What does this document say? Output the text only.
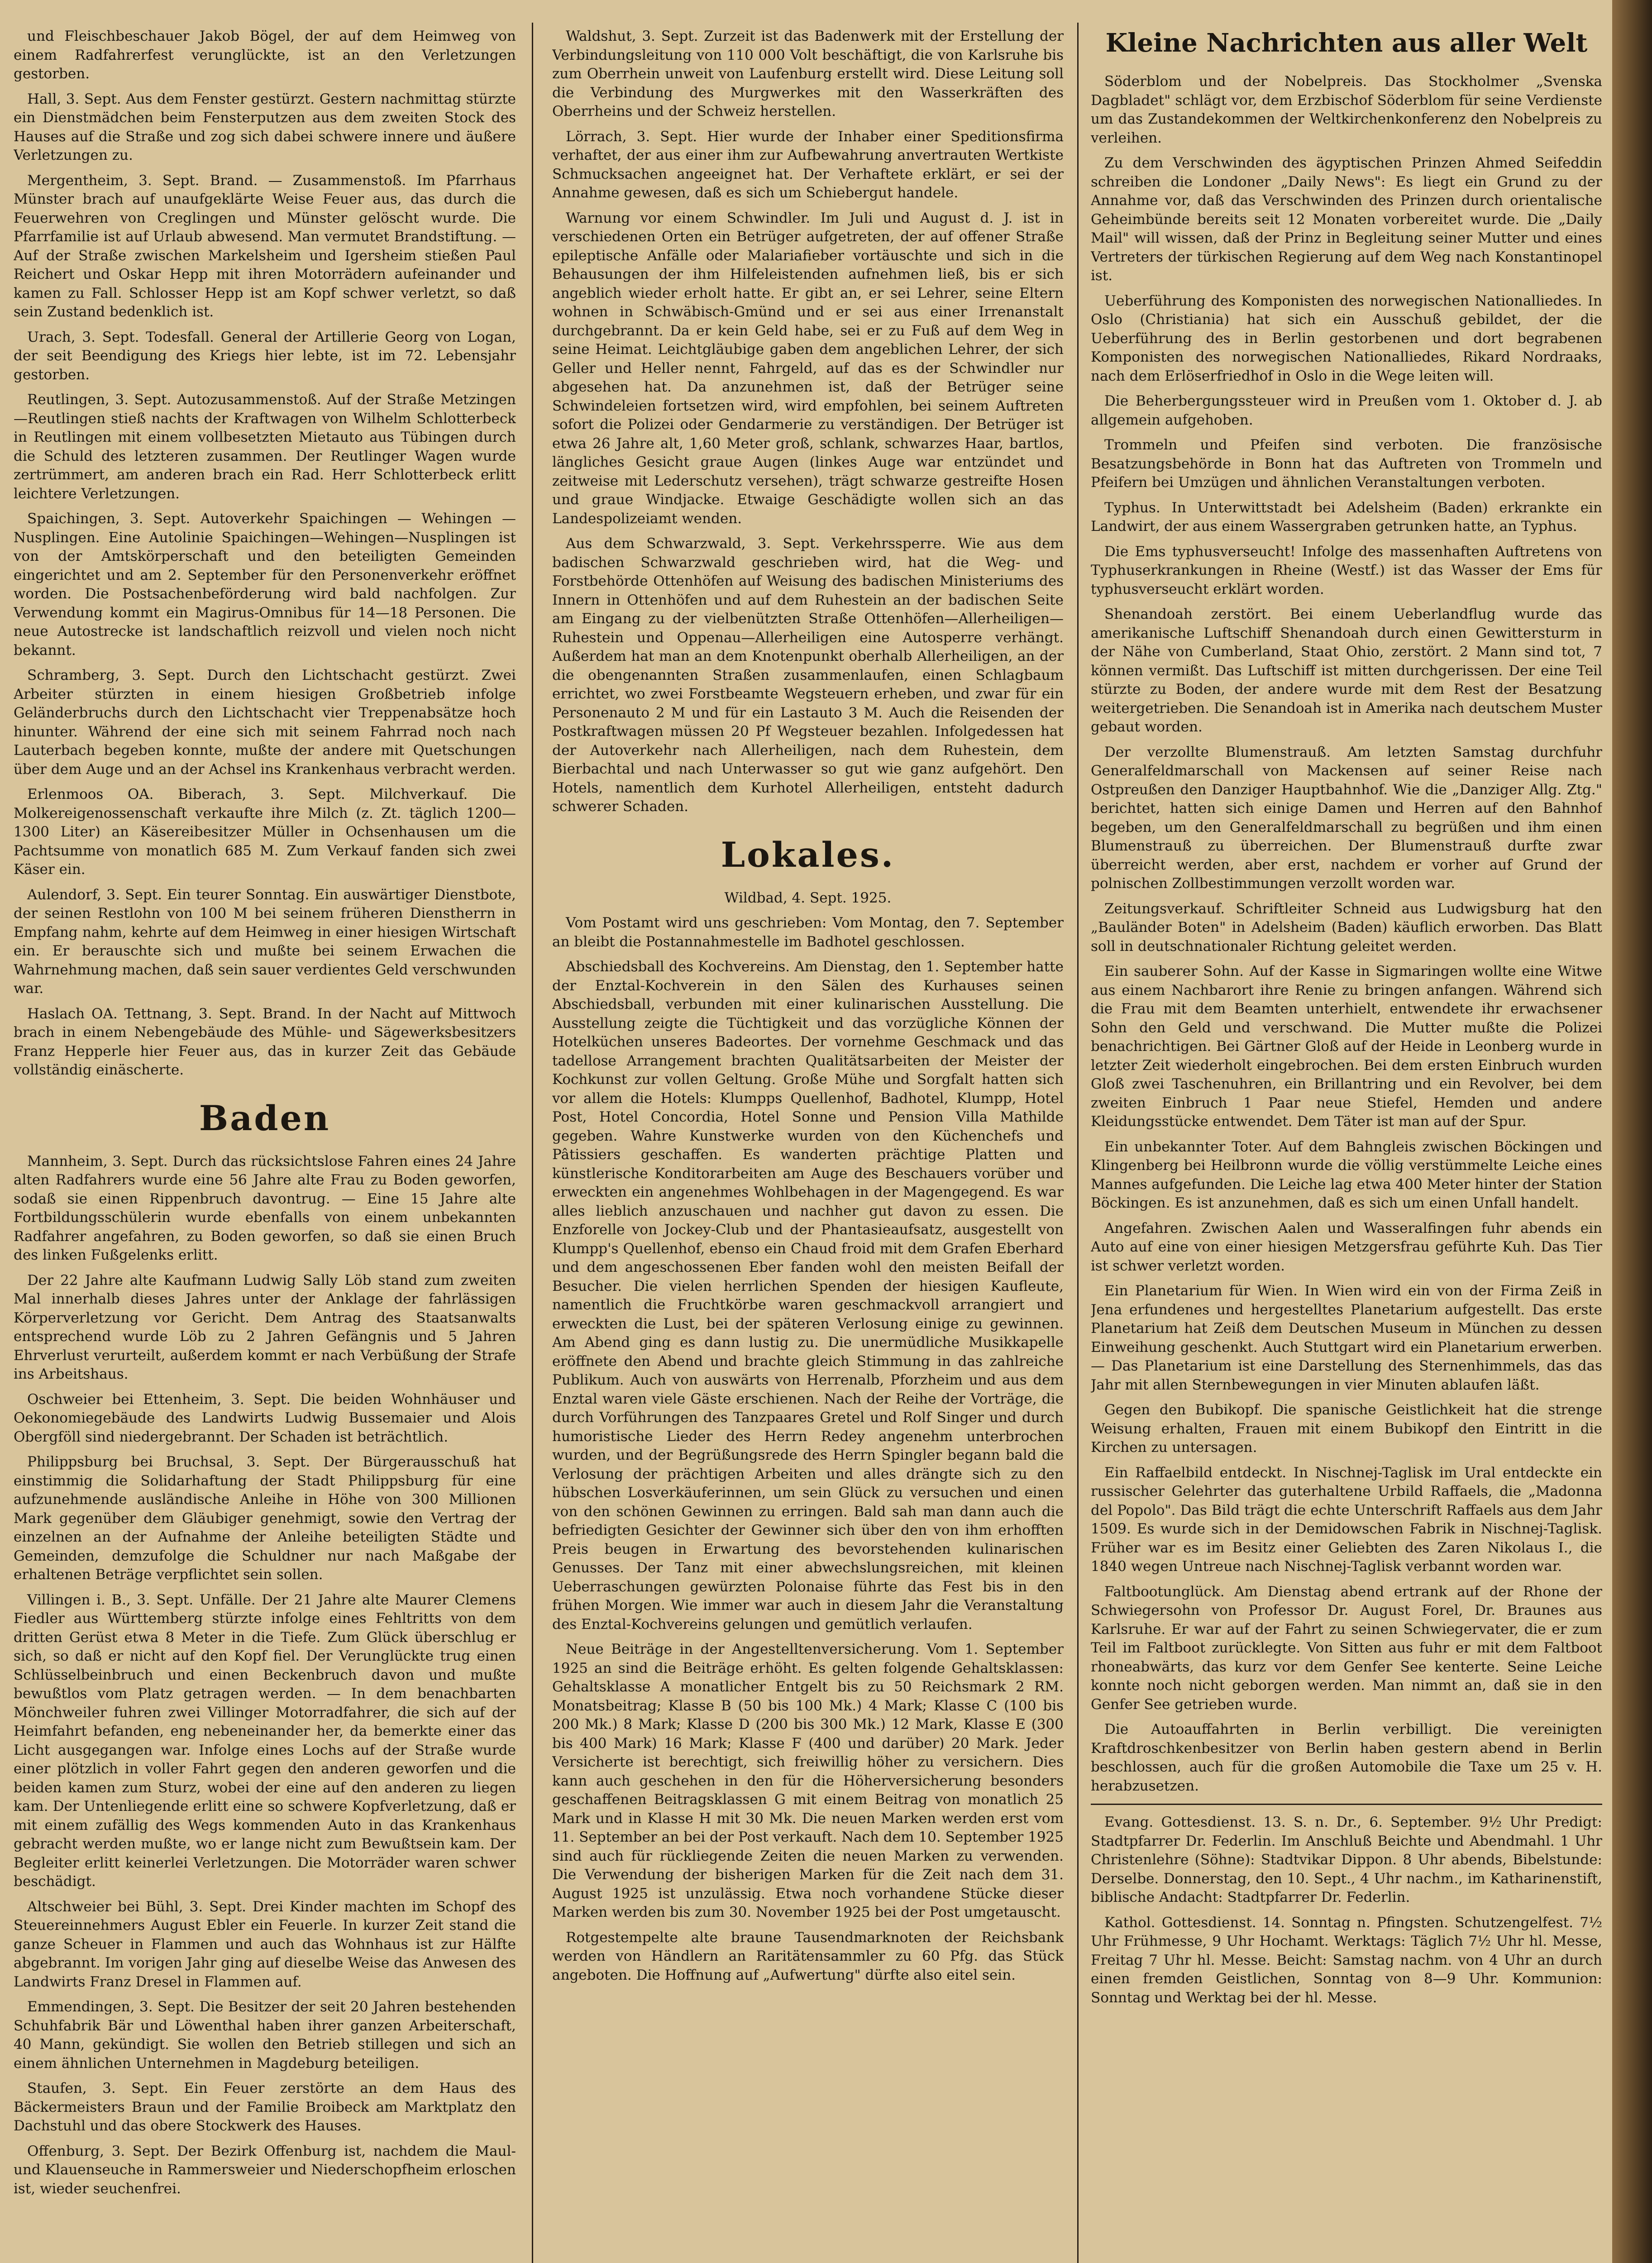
und Fleischbeschauer Jakob Bögel, der auf dem Heimweg von einem Radfahrerfest verunglückte, ist an den Verletzungen gestorben.

Hall, 3. Sept. Aus dem Fenster gestürzt. Gestern nachmittag stürzte ein Dienstmädchen beim Fensterputzen aus dem zweiten Stock des Hauses auf die Straße und zog sich dabei schwere innere und äußere Verletzungen zu.

Mergentheim, 3. Sept. Brand. — Zusammenstoß. Im Pfarrhaus Münster brach auf unaufgeklärte Weise Feuer aus, das durch die Feuerwehren von Creglingen und Münster gelöscht wurde. Die Pfarrfamilie ist auf Urlaub abwesend. Man vermutet Brandstiftung. — Auf der Straße zwischen Markelsheim und Igersheim stießen Paul Reichert und Oskar Hepp mit ihren Motorrädern aufeinander und kamen zu Fall. Schlosser Hepp ist am Kopf schwer verletzt, so daß sein Zustand bedenklich ist.

Urach, 3. Sept. Todesfall. General der Artillerie Georg von Logan, der seit Beendigung des Kriegs hier lebte, ist im 72. Lebensjahr gestorben.

Reutlingen, 3. Sept. Autozusammenstoß. Auf der Straße Metzingen—Reutlingen stieß nachts der Kraftwagen von Wilhelm Schlotterbeck in Reutlingen mit einem vollbesetzten Mietauto aus Tübingen durch die Schuld des letzteren zusammen. Der Reutlinger Wagen wurde zertrümmert, am anderen brach ein Rad. Herr Schlotterbeck erlitt leichtere Verletzungen.

Spaichingen, 3. Sept. Autoverkehr Spaichingen — Wehingen — Nusplingen. Eine Autolinie Spaichingen—Wehingen—Nusplingen ist von der Amtskörperschaft und den beteiligten Gemeinden eingerichtet und am 2. September für den Personenverkehr eröffnet worden. Die Postsachenbeförderung wird bald nachfolgen. Zur Verwendung kommt ein Magirus-Omnibus für 14—18 Personen. Die neue Autostrecke ist landschaftlich reizvoll und vielen noch nicht bekannt.

Schramberg, 3. Sept. Durch den Lichtschacht gestürzt. Zwei Arbeiter stürzten in einem hiesigen Großbetrieb infolge Geländerbruchs durch den Lichtschacht vier Treppenabsätze hoch hinunter. Während der eine sich mit seinem Fahrrad noch nach Lauterbach begeben konnte, mußte der andere mit Quetschungen über dem Auge und an der Achsel ins Krankenhaus verbracht werden.

Erlenmoos OA. Biberach, 3. Sept. Milchverkauf. Die Molkereigenossenschaft verkaufte ihre Milch (z. Zt. täglich 1200—1300 Liter) an Käsereibesitzer Müller in Ochsenhausen um die Pachtsumme von monatlich 685 M. Zum Verkauf fanden sich zwei Käser ein.

Aulendorf, 3. Sept. Ein teurer Sonntag. Ein auswärtiger Dienstbote, der seinen Restlohn von 100 M bei seinem früheren Dienstherrn in Empfang nahm, kehrte auf dem Heimweg in einer hiesigen Wirtschaft ein. Er berauschte sich und mußte bei seinem Erwachen die Wahrnehmung machen, daß sein sauer verdientes Geld verschwunden war.

Haslach OA. Tettnang, 3. Sept. Brand. In der Nacht auf Mittwoch brach in einem Nebengebäude des Mühle- und Sägewerksbesitzers Franz Hepperle hier Feuer aus, das in kurzer Zeit das Gebäude vollständig einäscherte.

Baden

Mannheim, 3. Sept. Durch das rücksichtslose Fahren eines 24 Jahre alten Radfahrers wurde eine 56 Jahre alte Frau zu Boden geworfen, sodaß sie einen Rippenbruch davontrug. — Eine 15 Jahre alte Fortbildungsschülerin wurde ebenfalls von einem unbekannten Radfahrer angefahren, zu Boden geworfen, so daß sie einen Bruch des linken Fußgelenks erlitt.

Der 22 Jahre alte Kaufmann Ludwig Sally Löb stand zum zweiten Mal innerhalb dieses Jahres unter der Anklage der fahrlässigen Körperverletzung vor Gericht. Dem Antrag des Staatsanwalts entsprechend wurde Löb zu 2 Jahren Gefängnis und 5 Jahren Ehrverlust verurteilt, außerdem kommt er nach Verbüßung der Strafe ins Arbeitshaus.

Oschweier bei Ettenheim, 3. Sept. Die beiden Wohnhäuser und Oekonomiegebäude des Landwirts Ludwig Bussemaier und Alois Obergföll sind niedergebrannt. Der Schaden ist beträchtlich.

Philippsburg bei Bruchsal, 3. Sept. Der Bürgerausschuß hat einstimmig die Solidarhaftung der Stadt Philippsburg für eine aufzunehmende ausländische Anleihe in Höhe von 300 Millionen Mark gegenüber dem Gläubiger genehmigt, sowie den Vertrag der einzelnen an der Aufnahme der Anleihe beteiligten Städte und Gemeinden, demzufolge die Schuldner nur nach Maßgabe der erhaltenen Beträge verpflichtet sein sollen.

Villingen i. B., 3. Sept. Unfälle. Der 21 Jahre alte Maurer Clemens Fiedler aus Württemberg stürzte infolge eines Fehltritts von dem dritten Gerüst etwa 8 Meter in die Tiefe. Zum Glück überschlug er sich, so daß er nicht auf den Kopf fiel. Der Verunglückte trug einen Schlüsselbeinbruch und einen Beckenbruch davon und mußte bewußtlos vom Platz getragen werden. — In dem benachbarten Mönchweiler fuhren zwei Villinger Motorradfahrer, die sich auf der Heimfahrt befanden, eng nebeneinander her, da bemerkte einer das Licht ausgegangen war. Infolge eines Lochs auf der Straße wurde einer plötzlich in voller Fahrt gegen den anderen geworfen und die beiden kamen zum Sturz, wobei der eine auf den anderen zu liegen kam. Der Untenliegende erlitt eine so schwere Kopfverletzung, daß er mit einem zufällig des Wegs kommenden Auto in das Krankenhaus gebracht werden mußte, wo er lange nicht zum Bewußtsein kam. Der Begleiter erlitt keinerlei Verletzungen. Die Motorräder waren schwer beschädigt.

Altschweier bei Bühl, 3. Sept. Drei Kinder machten im Schopf des Steuereinnehmers August Ebler ein Feuerle. In kurzer Zeit stand die ganze Scheuer in Flammen und auch das Wohnhaus ist zur Hälfte abgebrannt. Im vorigen Jahr ging auf dieselbe Weise das Anwesen des Landwirts Franz Dresel in Flammen auf.

Emmendingen, 3. Sept. Die Besitzer der seit 20 Jahren bestehenden Schuhfabrik Bär und Löwenthal haben ihrer ganzen Arbeiterschaft, 40 Mann, gekündigt. Sie wollen den Betrieb stillegen und sich an einem ähnlichen Unternehmen in Magdeburg beteiligen.

Staufen, 3. Sept. Ein Feuer zerstörte an dem Haus des Bäckermeisters Braun und der Familie Broibeck am Marktplatz den Dachstuhl und das obere Stockwerk des Hauses.

Offenburg, 3. Sept. Der Bezirk Offenburg ist, nachdem die Maul- und Klauenseuche in Rammersweier und Niederschopfheim erloschen ist, wieder seuchenfrei.

Waldshut, 3. Sept. Zurzeit ist das Badenwerk mit der Erstellung der Verbindungsleitung von 110 000 Volt beschäftigt, die von Karlsruhe bis zum Oberrhein unweit von Laufenburg erstellt wird. Diese Leitung soll die Verbindung des Murgwerkes mit den Wasserkräften des Oberrheins und der Schweiz herstellen.

Lörrach, 3. Sept. Hier wurde der Inhaber einer Speditionsfirma verhaftet, der aus einer ihm zur Aufbewahrung anvertrauten Wertkiste Schmucksachen angeeignet hat. Der Verhaftete erklärt, er sei der Annahme gewesen, daß es sich um Schiebergut handele.

Warnung vor einem Schwindler. Im Juli und August d. J. ist in verschiedenen Orten ein Betrüger aufgetreten, der auf offener Straße epileptische Anfälle oder Malariafieber vortäuschte und sich in die Behausungen der ihm Hilfeleistenden aufnehmen ließ, bis er sich angeblich wieder erholt hatte. Er gibt an, er sei Lehrer, seine Eltern wohnen in Schwäbisch-Gmünd und er sei aus einer Irrenanstalt durchgebrannt. Da er kein Geld habe, sei er zu Fuß auf dem Weg in seine Heimat. Leichtgläubige gaben dem angeblichen Lehrer, der sich Geller und Heller nennt, Fahrgeld, auf das es der Schwindler nur abgesehen hat. Da anzunehmen ist, daß der Betrüger seine Schwindeleien fortsetzen wird, wird empfohlen, bei seinem Auftreten sofort die Polizei oder Gendarmerie zu verständigen. Der Betrüger ist etwa 26 Jahre alt, 1,60 Meter groß, schlank, schwarzes Haar, bartlos, längliches Gesicht graue Augen (linkes Auge war entzündet und zeitweise mit Lederschutz versehen), trägt schwarze gestreifte Hosen und graue Windjacke. Etwaige Geschädigte wollen sich an das Landespolizeiamt wenden.

Aus dem Schwarzwald, 3. Sept. Verkehrssperre. Wie aus dem badischen Schwarzwald geschrieben wird, hat die Weg- und Forstbehörde Ottenhöfen auf Weisung des badischen Ministeriums des Innern in Ottenhöfen und auf dem Ruhestein an der badischen Seite am Eingang zu der vielbenützten Straße Ottenhöfen—Allerheiligen—Ruhestein und Oppenau—Allerheiligen eine Autosperre verhängt. Außerdem hat man an dem Knotenpunkt oberhalb Allerheiligen, an der die obengenannten Straßen zusammenlaufen, einen Schlagbaum errichtet, wo zwei Forstbeamte Wegsteuern erheben, und zwar für ein Personenauto 2 M und für ein Lastauto 3 M. Auch die Reisenden der Postkraftwagen müssen 20 Pf Wegsteuer bezahlen. Infolgedessen hat der Autoverkehr nach Allerheiligen, nach dem Ruhestein, dem Bierbachtal und nach Unterwasser so gut wie ganz aufgehört. Den Hotels, namentlich dem Kurhotel Allerheiligen, entsteht dadurch schwerer Schaden.

Lokales.

Wildbad, 4. Sept. 1925.

Vom Postamt wird uns geschrieben: Vom Montag, den 7. September an bleibt die Postannahmestelle im Badhotel geschlossen.

Abschiedsball des Kochvereins. Am Dienstag, den 1. September hatte der Enztal-Kochverein in den Sälen des Kurhauses seinen Abschiedsball, verbunden mit einer kulinarischen Ausstellung. Die Ausstellung zeigte die Tüchtigkeit und das vorzügliche Können der Hotelküchen unseres Badeortes. Der vornehme Geschmack und das tadellose Arrangement brachten Qualitätsarbeiten der Meister der Kochkunst zur vollen Geltung. Große Mühe und Sorgfalt hatten sich vor allem die Hotels: Klumpps Quellenhof, Badhotel, Klumpp, Hotel Post, Hotel Concordia, Hotel Sonne und Pension Villa Mathilde gegeben. Wahre Kunstwerke wurden von den Küchenchefs und Pâtissiers geschaffen. Es wanderten prächtige Platten und künstlerische Konditorarbeiten am Auge des Beschauers vorüber und erweckten ein angenehmes Wohlbehagen in der Magengegend. Es war alles lieblich anzuschauen und nachher gut davon zu essen. Die Enzforelle von Jockey-Club und der Phantasieaufsatz, ausgestellt von Klumpp's Quellenhof, ebenso ein Chaud froid mit dem Grafen Eberhard und dem angeschossenen Eber fanden wohl den meisten Beifall der Besucher. Die vielen herrlichen Spenden der hiesigen Kaufleute, namentlich die Fruchtkörbe waren geschmackvoll arrangiert und erweckten die Lust, bei der späteren Verlosung einige zu gewinnen. Am Abend ging es dann lustig zu. Die unermüdliche Musikkapelle eröffnete den Abend und brachte gleich Stimmung in das zahlreiche Publikum. Auch von auswärts von Herrenalb, Pforzheim und aus dem Enztal waren viele Gäste erschienen. Nach der Reihe der Vorträge, die durch Vorführungen des Tanzpaares Gretel und Rolf Singer und durch humoristische Lieder des Herrn Redey angenehm unterbrochen wurden, und der Begrüßungsrede des Herrn Spingler begann bald die Verlosung der prächtigen Arbeiten und alles drängte sich zu den hübschen Losverkäuferinnen, um sein Glück zu versuchen und einen von den schönen Gewinnen zu erringen. Bald sah man dann auch die befriedigten Gesichter der Gewinner sich über den von ihm erhofften Preis beugen in Erwartung des bevorstehenden kulinarischen Genusses. Der Tanz mit einer abwechslungsreichen, mit kleinen Ueberraschungen gewürzten Polonaise führte das Fest bis in den frühen Morgen. Wie immer war auch in diesem Jahr die Veranstaltung des Enztal-Kochvereins gelungen und gemütlich verlaufen.

Neue Beiträge in der Angestelltenversicherung. Vom 1. September 1925 an sind die Beiträge erhöht. Es gelten folgende Gehaltsklassen: Gehaltsklasse A monatlicher Entgelt bis zu 50 Reichsmark 2 RM. Monatsbeitrag; Klasse B (50 bis 100 Mk.) 4 Mark; Klasse C (100 bis 200 Mk.) 8 Mark; Klasse D (200 bis 300 Mk.) 12 Mark, Klasse E (300 bis 400 Mark) 16 Mark; Klasse F (400 und darüber) 20 Mark. Jeder Versicherte ist berechtigt, sich freiwillig höher zu versichern. Dies kann auch geschehen in den für die Höherversicherung besonders geschaffenen Beitragsklassen G mit einem Beitrag von monatlich 25 Mark und in Klasse H mit 30 Mk. Die neuen Marken werden erst vom 11. September an bei der Post verkauft. Nach dem 10. September 1925 sind auch für rückliegende Zeiten die neuen Marken zu verwenden. Die Verwendung der bisherigen Marken für die Zeit nach dem 31. August 1925 ist unzulässig. Etwa noch vorhandene Stücke dieser Marken werden bis zum 30. November 1925 bei der Post umgetauscht.

Rotgestempelte alte braune Tausendmarknoten der Reichsbank werden von Händlern an Raritätensammler zu 60 Pfg. das Stück angeboten. Die Hoffnung auf „Aufwertung" dürfte also eitel sein.

Kleine Nachrichten aus aller Welt

Söderblom und der Nobelpreis. Das Stockholmer „Svenska Dagbladet" schlägt vor, dem Erzbischof Söderblom für seine Verdienste um das Zustandekommen der Weltkirchenkonferenz den Nobelpreis zu verleihen.

Zu dem Verschwinden des ägyptischen Prinzen Ahmed Seifeddin schreiben die Londoner „Daily News": Es liegt ein Grund zu der Annahme vor, daß das Verschwinden des Prinzen durch orientalische Geheimbünde bereits seit 12 Monaten vorbereitet wurde. Die „Daily Mail" will wissen, daß der Prinz in Begleitung seiner Mutter und eines Vertreters der türkischen Regierung auf dem Weg nach Konstantinopel ist.

Ueberführung des Komponisten des norwegischen Nationalliedes. In Oslo (Christiania) hat sich ein Ausschuß gebildet, der die Ueberführung des in Berlin gestorbenen und dort begrabenen Komponisten des norwegischen Nationalliedes, Rikard Nordraaks, nach dem Erlöserfriedhof in Oslo in die Wege leiten will.

Die Beherbergungssteuer wird in Preußen vom 1. Oktober d. J. ab allgemein aufgehoben.

Trommeln und Pfeifen sind verboten. Die französische Besatzungsbehörde in Bonn hat das Auftreten von Trommeln und Pfeifern bei Umzügen und ähnlichen Veranstaltungen verboten.

Typhus. In Unterwittstadt bei Adelsheim (Baden) erkrankte ein Landwirt, der aus einem Wassergraben getrunken hatte, an Typhus.

Die Ems typhusverseucht! Infolge des massenhaften Auftretens von Typhuserkrankungen in Rheine (Westf.) ist das Wasser der Ems für typhusverseucht erklärt worden.

Shenandoah zerstört. Bei einem Ueberlandflug wurde das amerikanische Luftschiff Shenandoah durch einen Gewittersturm in der Nähe von Cumberland, Staat Ohio, zerstört. 2 Mann sind tot, 7 können vermißt. Das Luftschiff ist mitten durchgerissen. Der eine Teil stürzte zu Boden, der andere wurde mit dem Rest der Besatzung weitergetrieben. Die Senandoah ist in Amerika nach deutschem Muster gebaut worden.

Der verzollte Blumenstrauß. Am letzten Samstag durchfuhr Generalfeldmarschall von Mackensen auf seiner Reise nach Ostpreußen den Danziger Hauptbahnhof. Wie die „Danziger Allg. Ztg." berichtet, hatten sich einige Damen und Herren auf den Bahnhof begeben, um den Generalfeldmarschall zu begrüßen und ihm einen Blumenstrauß zu überreichen. Der Blumenstrauß durfte zwar überreicht werden, aber erst, nachdem er vorher auf Grund der polnischen Zollbestimmungen verzollt worden war.

Zeitungsverkauf. Schriftleiter Schneid aus Ludwigsburg hat den „Bauländer Boten" in Adelsheim (Baden) käuflich erworben. Das Blatt soll in deutschnationaler Richtung geleitet werden.

Ein sauberer Sohn. Auf der Kasse in Sigmaringen wollte eine Witwe aus einem Nachbarort ihre Renie zu bringen anfangen. Während sich die Frau mit dem Beamten unterhielt, entwendete ihr erwachsener Sohn den Geld und verschwand. Die Mutter mußte die Polizei benachrichtigen. Bei Gärtner Gloß auf der Heide in Leonberg wurde in letzter Zeit wiederholt eingebrochen. Bei dem ersten Einbruch wurden Gloß zwei Taschenuhren, ein Brillantring und ein Revolver, bei dem zweiten Einbruch 1 Paar neue Stiefel, Hemden und andere Kleidungsstücke entwendet. Dem Täter ist man auf der Spur.

Ein unbekannter Toter. Auf dem Bahngleis zwischen Böckingen und Klingenberg bei Heilbronn wurde die völlig verstümmelte Leiche eines Mannes aufgefunden. Die Leiche lag etwa 400 Meter hinter der Station Böckingen. Es ist anzunehmen, daß es sich um einen Unfall handelt.

Angefahren. Zwischen Aalen und Wasseralfingen fuhr abends ein Auto auf eine von einer hiesigen Metzgersfrau geführte Kuh. Das Tier ist schwer verletzt worden.

Ein Planetarium für Wien. In Wien wird ein von der Firma Zeiß in Jena erfundenes und hergestelltes Planetarium aufgestellt. Das erste Planetarium hat Zeiß dem Deutschen Museum in München zu dessen Einweihung geschenkt. Auch Stuttgart wird ein Planetarium erwerben. — Das Planetarium ist eine Darstellung des Sternenhimmels, das das Jahr mit allen Sternbewegungen in vier Minuten ablaufen läßt.

Gegen den Bubikopf. Die spanische Geistlichkeit hat die strenge Weisung erhalten, Frauen mit einem Bubikopf den Eintritt in die Kirchen zu untersagen.

Ein Raffaelbild entdeckt. In Nischnej-Taglisk im Ural entdeckte ein russischer Gelehrter das guterhaltene Urbild Raffaels, die „Madonna del Popolo". Das Bild trägt die echte Unterschrift Raffaels aus dem Jahr 1509. Es wurde sich in der Demidowschen Fabrik in Nischnej-Taglisk. Früher war es im Besitz einer Geliebten des Zaren Nikolaus I., die 1840 wegen Untreue nach Nischnej-Taglisk verbannt worden war.

Faltbootunglück. Am Dienstag abend ertrank auf der Rhone der Schwiegersohn von Professor Dr. August Forel, Dr. Braunes aus Karlsruhe. Er war auf der Fahrt zu seinen Schwiegervater, die er zum Teil im Faltboot zurücklegte. Von Sitten aus fuhr er mit dem Faltboot rhoneabwärts, das kurz vor dem Genfer See kenterte. Seine Leiche konnte noch nicht geborgen werden. Man nimmt an, daß sie in den Genfer See getrieben wurde.

Die Autoauffahrten in Berlin verbilligt. Die vereinigten Kraftdroschkenbesitzer von Berlin haben gestern abend in Berlin beschlossen, auch für die großen Automobile die Taxe um 25 v. H. herabzusetzen.

Evang. Gottesdienst. 13. S. n. Dr., 6. September. 9½ Uhr Predigt: Stadtpfarrer Dr. Federlin. Im Anschluß Beichte und Abendmahl. 1 Uhr Christenlehre (Söhne): Stadtvikar Dippon. 8 Uhr abends, Bibelstunde: Derselbe. Donnerstag, den 10. Sept., 4 Uhr nachm., im Katharinenstift, biblische Andacht: Stadtpfarrer Dr. Federlin.

Kathol. Gottesdienst. 14. Sonntag n. Pfingsten. Schutzengelfest. 7½ Uhr Frühmesse, 9 Uhr Hochamt. Werktags: Täglich 7½ Uhr hl. Messe, Freitag 7 Uhr hl. Messe. Beicht: Samstag nachm. von 4 Uhr an durch einen fremden Geistlichen, Sonntag von 8—9 Uhr. Kommunion: Sonntag und Werktag bei der hl. Messe.
